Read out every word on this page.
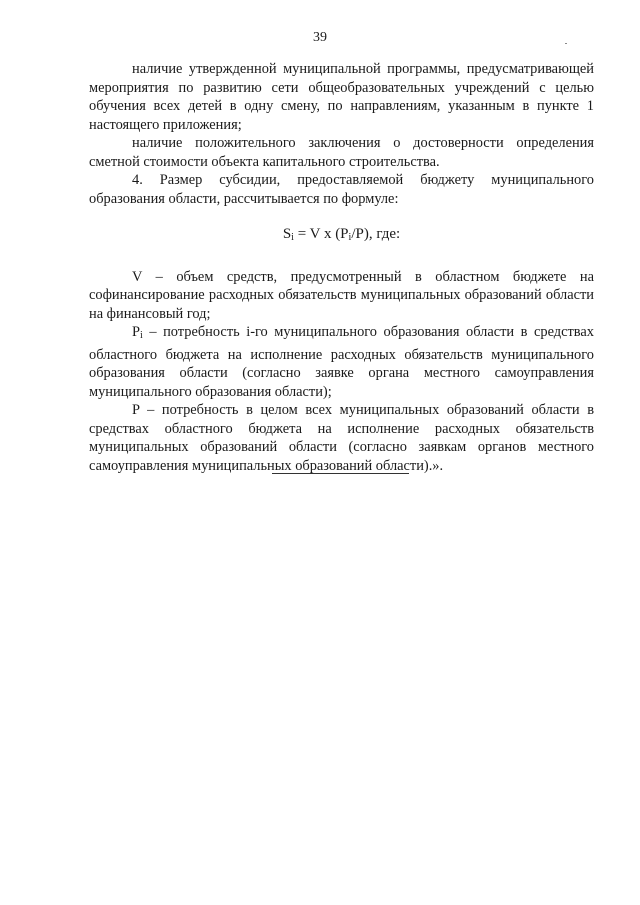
39

наличие утвержденной муниципальной программы, предусматривающей мероприятия по развитию сети общеобразовательных учреждений с целью обучения всех детей в одну смену, по направлениям, указанным в пункте 1 настоящего приложения;

наличие положительного заключения о достоверности определения сметной стоимости объекта капитального строительства.

4. Размер субсидии, предоставляемой бюджету муниципального образования области, рассчитывается по формуле:

$S_i = V$ x $(P_i/P)$, где:

V – объем средств, предусмотренный в областном бюджете на софинансирование расходных обязательств муниципальных образований области на финансовый год;

$P_i$ – потребность i-го муниципального образования области в средствах областного бюджета на исполнение расходных обязательств муниципального образования области (согласно заявке органа местного самоуправления муниципального образования области);

P – потребность в целом всех муниципальных образований области в средствах областного бюджета на исполнение расходных обязательств муниципальных образований области (согласно заявкам органов местного самоуправления муниципальных образований области).».
